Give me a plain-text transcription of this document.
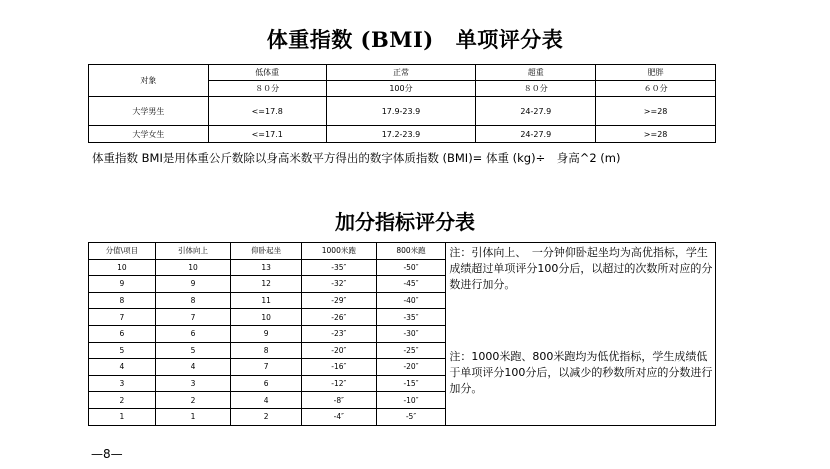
体重指数 (BMI) 单项评分表
对象	低体重	正常	超重	肥胖
	８０分	100分	８０分	６０分
大学男生	<=17.8	17.9-23.9	24-27.9	>=28
大学女生	<=17.1	17.2-23.9	24-27.9	>=28
体重指数 BMI是用体重公斤数除以身高米数平方得出的数字体质指数 (BMI)= 体重 (kg)÷　身高^2 (m)
加分指标评分表
分值\项目	引体向上	仰卧起坐	1000米跑	800米跑	注：引体向上、　一分钟仰卧起坐均为高优指标，学生成绩超过单项评分100分后，以超过的次数所对应的分数进行加分。
注：1000米跑、800米跑均为低优指标，学生成绩低于单项评分100分后，以减少的秒数所对应的分数进行加分。

10	10	13	-35″	-50″	
9	9	12	-32″	-45″	
8	8	11	-29″	-40″	
7	7	10	-26″	-35″	
6	6	9	-23″	-30″	
5	5	8	-20″	-25″	
4	4	7	-16″	-20″	
3	3	6	-12″	-15″	
2	2	4	-8″	-10″	
1	1	2	-4″	-5″	
—8—
